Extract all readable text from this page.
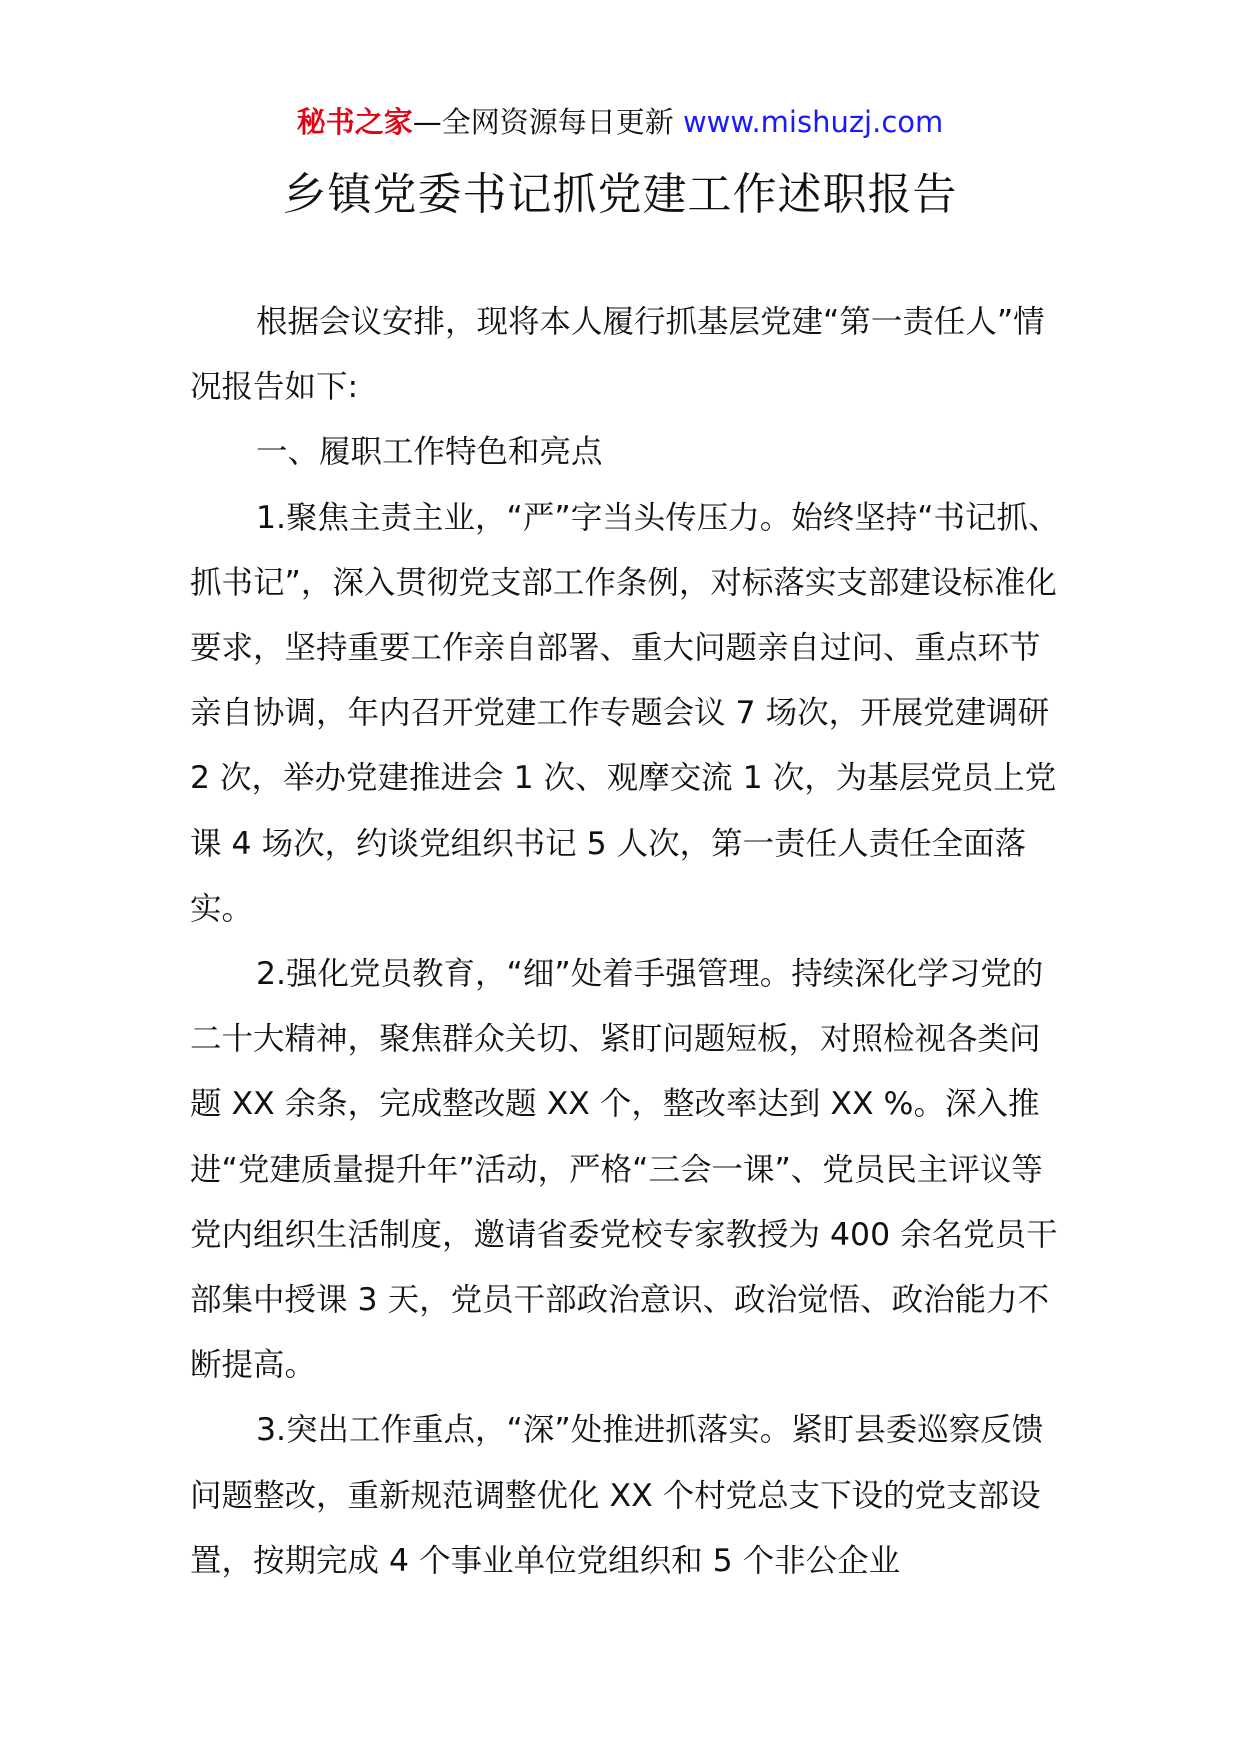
秘书之家—全网资源每日更新 www.mishuzj.com
乡镇党委书记抓党建工作述职报告

根据会议安排，现将本人履行抓基层党建“第一责任人”情况报告如下:

一、履职工作特色和亮点

1.聚焦主责主业，“严”字当头传压力。始终坚持“书记抓、抓书记”，深入贯彻党支部工作条例，对标落实支部建设标准化要求，坚持重要工作亲自部署、重大问题亲自过问、重点环节亲自协调，年内召开党建工作专题会议 7 场次，开展党建调研 2 次，举办党建推进会 1 次、观摩交流 1 次，为基层党员上党课 4 场次，约谈党组织书记 5 人次，第一责任人责任全面落实。

2.强化党员教育，“细”处着手强管理。持续深化学习党的二十大精神，聚焦群众关切、紧盯问题短板，对照检视各类问题 XX 余条，完成整改题 XX 个，整改率达到 XX %。深入推进“党建质量提升年”活动，严格“三会一课”、党员民主评议等党内组织生活制度，邀请省委党校专家教授为 400 余名党员干部集中授课 3 天，党员干部政治意识、政治觉悟、政治能力不断提高。

3.突出工作重点，“深”处推进抓落实。紧盯县委巡察反馈问题整改，重新规范调整优化 XX 个村党总支下设的党支部设置，按期完成 4 个事业单位党组织和 5 个非公企业
